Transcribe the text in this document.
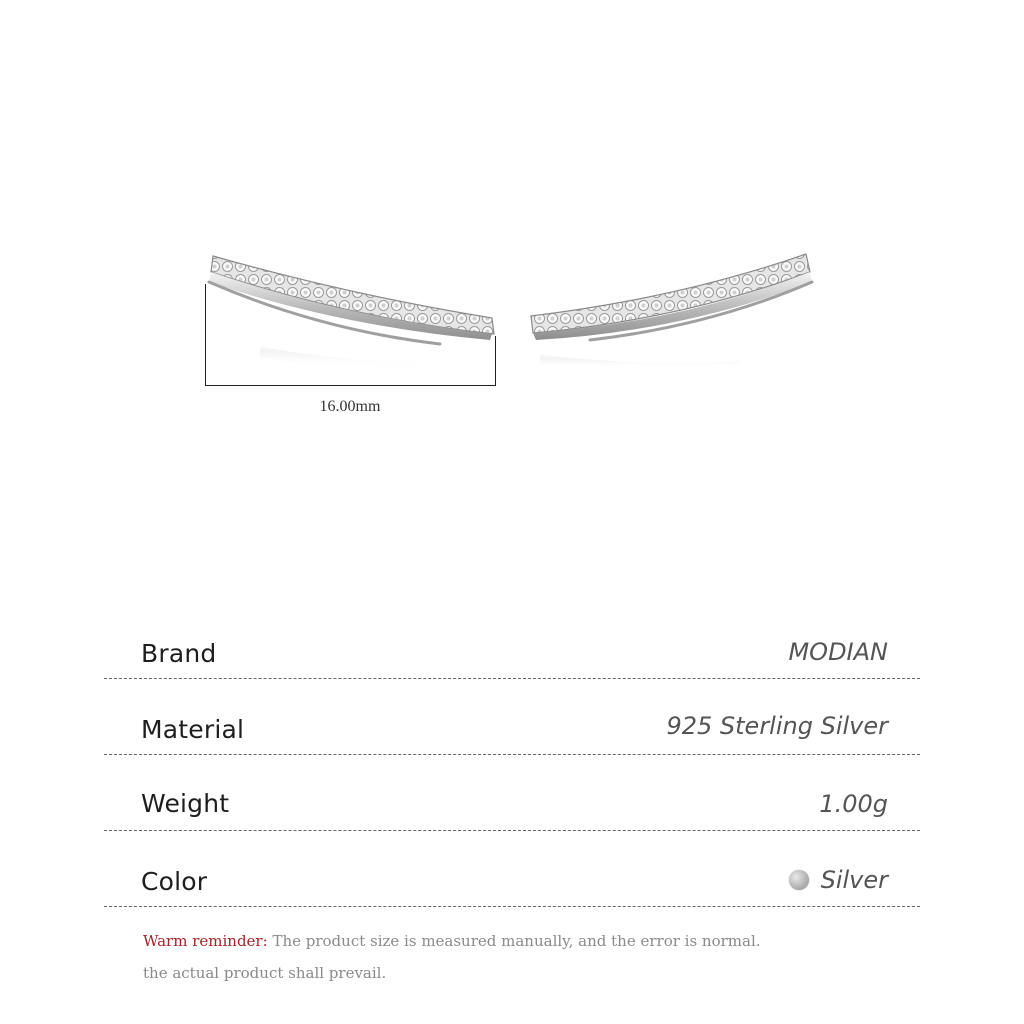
16.00mm
Brand	MODIAN
Material	925 Sterling Silver
Weight	1.00g
Color	Silver
Warm reminder: The product size is measured manually, and the error is normal.
the actual product shall prevail.
